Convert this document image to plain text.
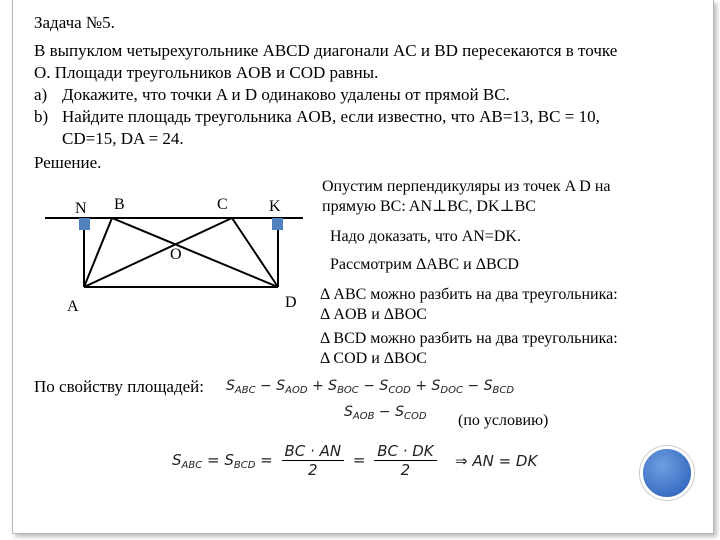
Задача №5.
В выпуклом четырехугольнике ABCD диагонали AC и BD пересекаются в точке
O. Площади треугольников AOB и COD равны.
a) Докажите, что точки A и D одинаково удалены от прямой BC.
b) Найдите площадь треугольника AOB, если известно, что AB=13, BC = 10,
CD=15, DA = 24.
Решение.
N B	C	K
O
A	D
Опустим перпендикуляры из точек A D на
прямую BC: AN⊥BC, DK⊥BC
Надо доказать, что AN=DK.
Рассмотрим ΔABC и ΔBCD
Δ ABC можно разбить на два треугольника:
Δ AOB и ΔBOC
Δ BCD можно разбить на два треугольника:
Δ COD и ΔBOC
По свойству площадей: $S_{ABC} - S_{AOD} + S_{BOC} - S_{COD} + S_{DOC} - S_{BCD}$
$S_{AOB} - S_{COD}$ (по условию)
$S_{ABC} = S_{BCD} = \frac{BC \cdot AN}{2} = \frac{BC \cdot DK}{2}$ ⇒ AN = DK
